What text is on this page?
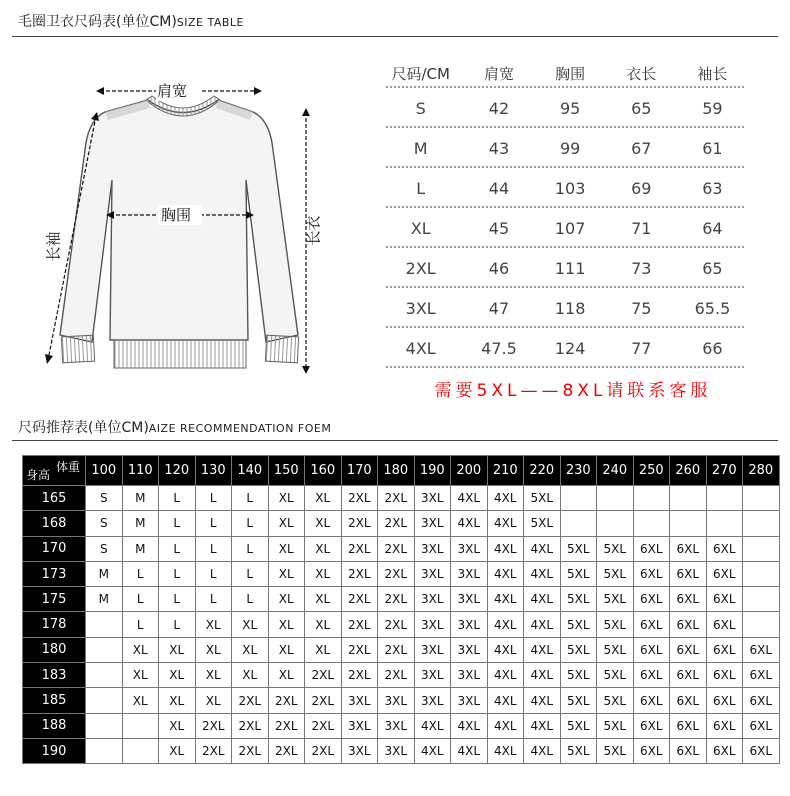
毛圈卫衣尺码表(单位CM)SIZE TABLE
肩宽
胸围
长衣
长袖
尺码/CM	肩宽	胸围	衣长	袖长
S	42	95	65	59
M	43	99	67	61
L	44	103	69	63
XL	45	107	71	64
2XL	46	111	73	65
3XL	47	118	75	65.5
4XL	47.5	124	77	66
需要5XL——8XL请联系客服
尺码推荐表(单位CM)AIZE RECOMMENDATION FOEM
体重
身高	100	110	120	130	140	150	160	170	180	190	200	210	220	230	240	250	260	270	280
165	S	M	L	L	L	XL	XL	2XL	2XL	3XL	4XL	4XL	5XL						
168	S	M	L	L	L	XL	XL	2XL	2XL	3XL	4XL	4XL	5XL						
170	S	M	L	L	L	XL	XL	2XL	2XL	3XL	3XL	4XL	4XL	5XL	5XL	6XL	6XL	6XL	
173	M	L	L	L	L	XL	XL	2XL	2XL	3XL	3XL	4XL	4XL	5XL	5XL	6XL	6XL	6XL	
175	M	L	L	L	L	XL	XL	2XL	2XL	3XL	3XL	4XL	4XL	5XL	5XL	6XL	6XL	6XL	
178		L	L	XL	XL	XL	XL	2XL	2XL	3XL	3XL	4XL	4XL	5XL	5XL	6XL	6XL	6XL	
180		XL	XL	XL	XL	XL	XL	2XL	2XL	3XL	3XL	4XL	4XL	5XL	5XL	6XL	6XL	6XL	6XL
183		XL	XL	XL	XL	XL	2XL	2XL	2XL	3XL	3XL	4XL	4XL	5XL	5XL	6XL	6XL	6XL	6XL
185		XL	XL	XL	2XL	2XL	2XL	3XL	3XL	3XL	3XL	4XL	4XL	5XL	5XL	6XL	6XL	6XL	6XL
188			XL	2XL	2XL	2XL	2XL	3XL	3XL	4XL	4XL	4XL	4XL	5XL	5XL	6XL	6XL	6XL	6XL
190			XL	2XL	2XL	2XL	2XL	3XL	3XL	4XL	4XL	4XL	4XL	5XL	5XL	6XL	6XL	6XL	6XL
